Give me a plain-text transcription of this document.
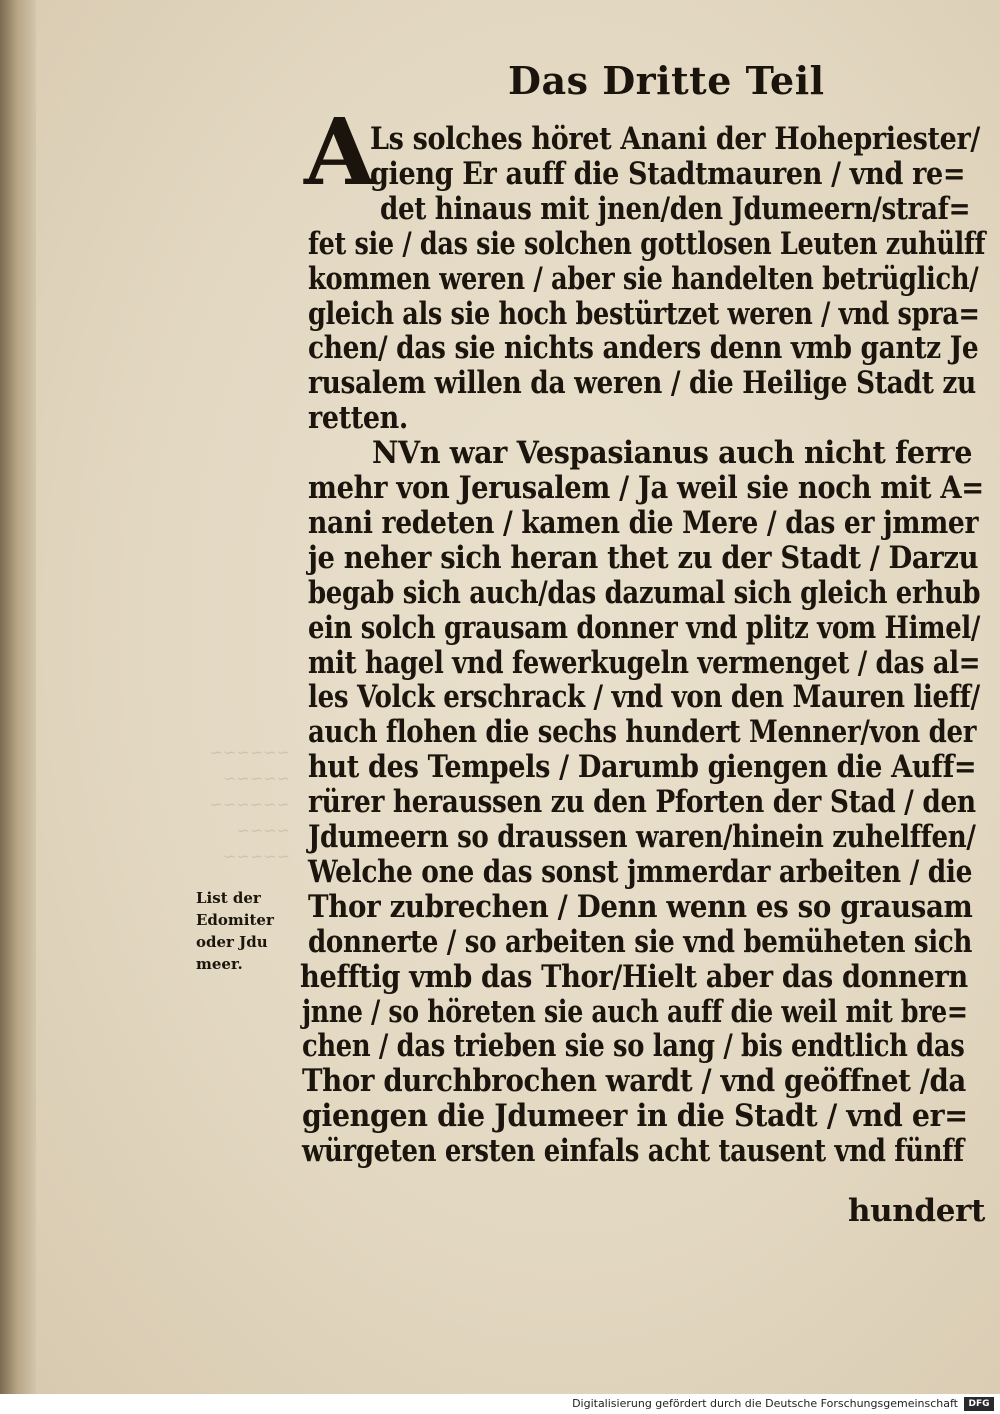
~~~~~~
~~~~~
~~~~~~
~~~~
~~~~~
Das Dritte Teil
A
Ls solches höret Anani der Hohepriester/
gieng Er auff die Stadtmauren / vnd re=
det hinaus mit jnen/den Jdumeern/straf=
fet sie / das sie solchen gottlosen Leuten zuhülff
kommen weren / aber sie handelten betrüglich/
gleich als sie hoch bestürtzet weren / vnd spra=
chen/ das sie nichts anders denn vmb gantz Je
rusalem willen da weren / die Heilige Stadt zu
retten.
NVn war Vespasianus auch nicht ferre
mehr von Jerusalem / Ja weil sie noch mit A=
nani redeten / kamen die Mere / das er jmmer
je neher sich heran thet zu der Stadt / Darzu
begab sich auch/das dazumal sich gleich erhub
ein solch grausam donner vnd plitz vom Himel/
mit hagel vnd fewerkugeln vermenget / das al=
les Volck erschrack / vnd von den Mauren lieff/
auch flohen die sechs hundert Menner/von der
hut des Tempels / Darumb giengen die Auff=
rürer heraussen zu den Pforten der Stad / den
Jdumeern so draussen waren/hinein zuhelffen/
Welche one das sonst jmmerdar arbeiten / die
Thor zubrechen / Denn wenn es so grausam
donnerte / so arbeiten sie vnd bemüheten sich
hefftig vmb das Thor/Hielt aber das donnern
jnne / so höreten sie auch auff die weil mit bre=
chen / das trieben sie so lang / bis endtlich das
Thor durchbrochen wardt / vnd geöffnet /da
giengen die Jdumeer in die Stadt / vnd er=
würgeten ersten einfals acht tausent vnd fünff
hundert
List der
Edomiter
oder Jdu
meer.
Digitalisierung gefördert durch die Deutsche Forschungsgemeinschaft	DFG
